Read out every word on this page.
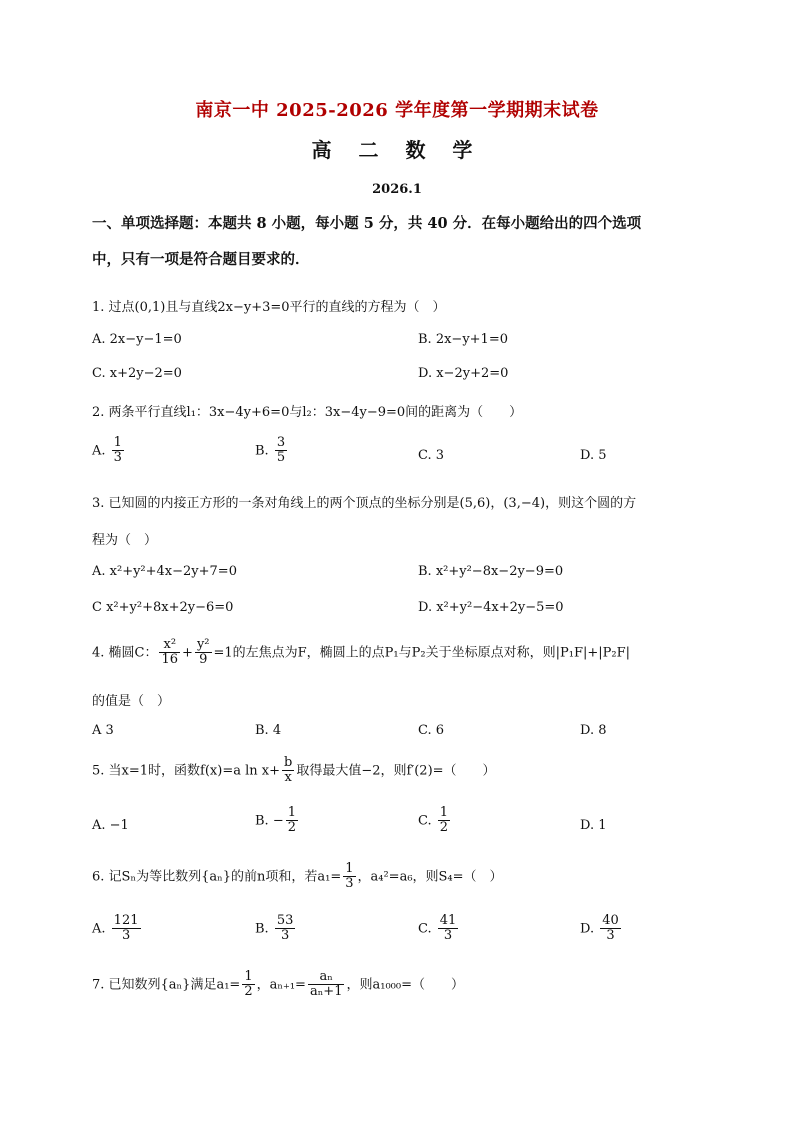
南京一中 2025-2026 学年度第一学期期末试卷
高 二 数 学
2026.1
一、单项选择题：本题共 8 小题，每小题 5 分，共 40 分．在每小题给出的四个选项
中，只有一项是符合题目要求的．
1. 过点(0,1)且与直线2x−y+3=0平行的直线的方程为（　）
A. 2x−y−1=0	B. 2x−y+1=0
C. x+2y−2=0	D. x−2y+2=0
2. 两条平行直线l₁：3x−4y+6=0与l₂：3x−4y−9=0间的距离为（　　）
A. $\frac{1}{3}$	B. $\frac{3}{5}$	C. 3	D. 5
3. 已知圆的内接正方形的一条对角线上的两个顶点的坐标分别是(5,6)，(3,−4)，则这个圆的方
程为（　）
A. x²+y²+4x−2y+7=0	B. x²+y²−8x−2y−9=0
C x²+y²+8x+2y−6=0	D. x²+y²−4x+2y−5=0
4. 椭圆C： $\frac{\text{x²}}{16} + \frac{\text{y²}}{9} =1$的左焦点为F，椭圆上的点P₁与P₂关于坐标原点对称，则|P₁F|+|P₂F|
的值是（　）
A 3	B. 4	C. 6	D. 8
5. 当x=1时，函数f(x)=a $\ln x+ \frac{b}{x}$ 取得最大值−2，则f′(2)=（　　）
A. −1	B. − $\frac{1}{2}$	C. $\frac{1}{2}$	D. 1
6. 记Sₙ为等比数列{aₙ}的前n项和，若$a_1= \frac{1}{3}$ ，a₄²=a₆，则S₄=（　）
A. $\frac{121}{3}$	B. $\frac{53}{3}$	C. $\frac{41}{3}$	D. $\frac{40}{3}$
7. 已知数列{aₙ}满足$a_1= \frac{1}{2}$ ，$a_{n+1}= \frac{\text{aₙ}}{\text{aₙ+1}}$ ，则a₁₀₀₀=（　　）
